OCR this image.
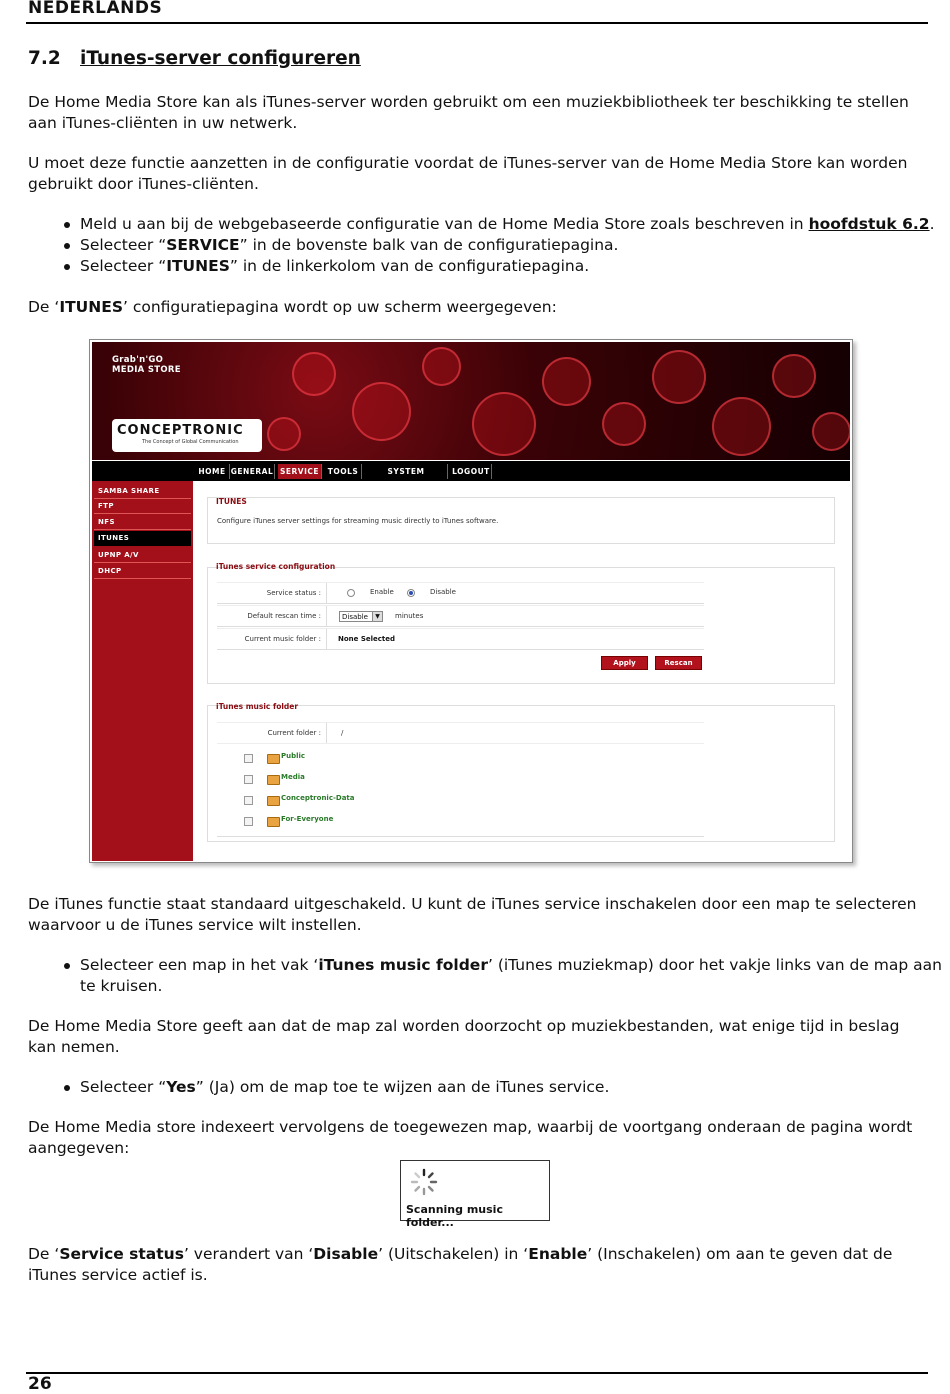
NEDERLANDS
7.2 iTunes-server configureren
De Home Media Store kan als iTunes-server worden gebruikt om een muziekbibliotheek ter beschikking te stellen aan iTunes-cliënten in uw netwerk.
U moet deze functie aanzetten in de configuratie voordat de iTunes-server van de Home Media Store kan worden gebruikt door iTunes-cliënten.
Meld u aan bij de webgebaseerde configuratie van de Home Media Store zoals beschreven in hoofdstuk 6.2.
Selecteer “SERVICE” in de bovenste balk van de configuratiepagina.
Selecteer “ITUNES” in de linkerkolom van de configuratiepagina.
De ‘ITUNES’ configuratiepagina wordt op uw scherm weergegeven:
Grab'n'GO
MEDIA STORE
CONCEPTRONIC
The Concept of Global Communication
HOME GENERAL SERVICE	TOOLS	SYSTEM LOGFILES
LOGOUT
SAMBA SHARE
FTP
NFS
ITUNES
UPNP A/V
DHCP
ITUNES
Configure iTunes server settings for streaming music directly to iTunes software.
iTunes service configuration
Service status :	Enable	Disable
Default rescan time :	Disable	▼	minutes
Current music folder : None Selected
Apply	Rescan
iTunes music folder
Current folder :	/
Public
Media
Conceptronic-Data
For-Everyone
De iTunes functie staat standaard uitgeschakeld. U kunt de iTunes service inschakelen door een map te selecteren waarvoor u de iTunes service wilt instellen.
Selecteer een map in het vak ‘iTunes music folder’ (iTunes muziekmap) door het vakje links van de map aan te kruisen.
De Home Media Store geeft aan dat de map zal worden doorzocht op muziekbestanden, wat enige tijd in beslag kan nemen.
Selecteer “Yes” (Ja) om de map toe te wijzen aan de iTunes service.
De Home Media store indexeert vervolgens de toegewezen map, waarbij de voortgang onderaan de pagina wordt aangegeven:
Scanning music folder...
De ‘Service status’ verandert van ‘Disable’ (Uitschakelen) in ‘Enable’ (Inschakelen) om aan te geven dat de iTunes service actief is.
26
